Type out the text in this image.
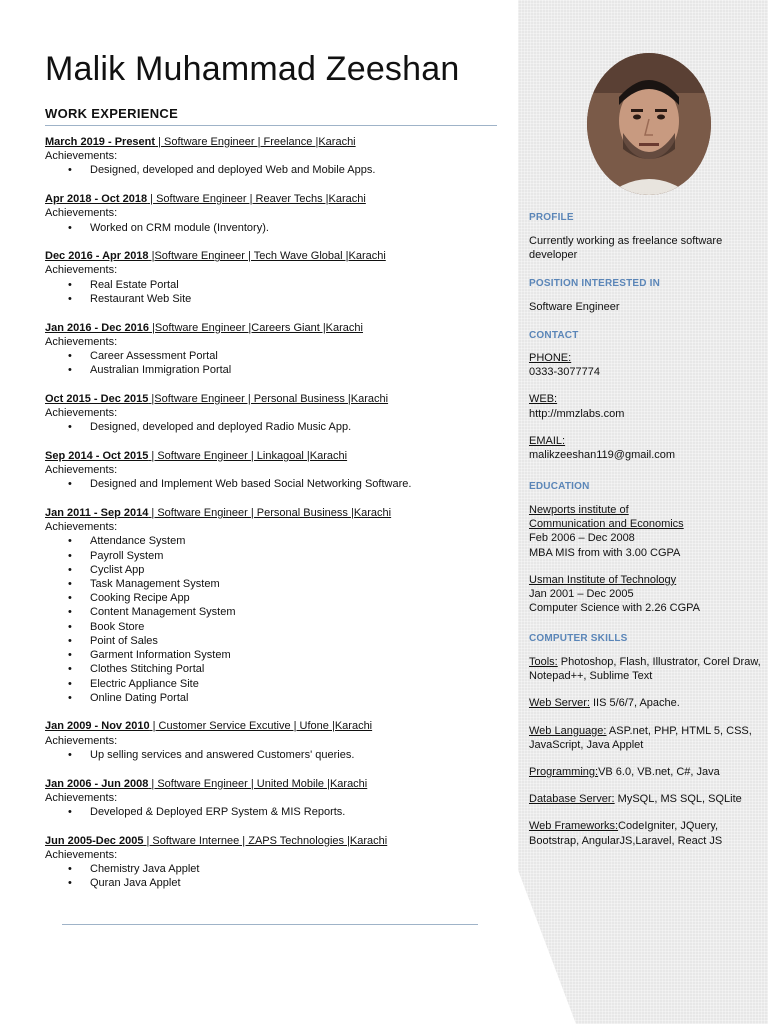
Malik Muhammad Zeeshan
WORK EXPERIENCE
March 2019 - Present | Software Engineer | Freelance |Karachi
Achievements:
• Designed, developed and deployed Web and Mobile Apps.
Apr 2018 - Oct 2018 | Software Engineer | Reaver Techs |Karachi
Achievements:
• Worked on CRM module (Inventory).
Dec 2016 - Apr 2018 |Software Engineer | Tech Wave Global |Karachi
Achievements:
• Real Estate Portal
• Restaurant Web Site
Jan 2016 - Dec 2016 |Software Engineer |Careers Giant |Karachi
Achievements:
• Career Assessment Portal
• Australian Immigration Portal
Oct 2015 - Dec 2015 |Software Engineer | Personal Business |Karachi
Achievements:
• Designed, developed and deployed Radio Music App.
Sep 2014 - Oct 2015 | Software Engineer | Linkagoal |Karachi
Achievements:
• Designed and Implement Web based Social Networking Software.
Jan 2011 - Sep 2014 | Software Engineer | Personal Business |Karachi
Achievements:
• Attendance System
• Payroll System
• Cyclist App
• Task Management System
• Cooking Recipe App
• Content Management System
• Book Store
• Point of Sales
• Garment Information System
• Clothes Stitching Portal
• Electric Appliance Site
• Online Dating Portal
Jan 2009 - Nov 2010 | Customer Service Excutive | Ufone |Karachi
Achievements:
• Up selling services and answered Customers' queries.
Jan 2006 - Jun 2008 | Software Engineer | United Mobile |Karachi
Achievements:
• Developed & Deployed ERP System & MIS Reports.
Jun 2005-Dec 2005 | Software Internee | ZAPS Technologies |Karachi
Achievements:
• Chemistry Java Applet
• Quran Java Applet
PROFILE
Currently working as freelance software developer
POSITION INTERESTED IN
Software Engineer
CONTACT
PHONE:
0333-3077774
WEB:
http://mmzlabs.com
EMAIL:
malikzeeshan119@gmail.com
EDUCATION
Newports institute of
Communication and Economics
Feb 2006 – Dec 2008
MBA MIS from with 3.00 CGPA
Usman Institute of Technology
Jan 2001 – Dec 2005
Computer Science with 2.26 CGPA
COMPUTER SKILLS
Tools: Photoshop, Flash, Illustrator, Corel Draw, Notepad++, Sublime Text
Web Server: IIS 5/6/7, Apache.
Web Language: ASP.net, PHP, HTML 5, CSS, JavaScript, Java Applet
Programming:VB 6.0, VB.net, C#, Java
Database Server: MySQL, MS SQL, SQLite
Web Frameworks:CodeIgniter, JQuery, Bootstrap, AngularJS,Laravel, React JS
